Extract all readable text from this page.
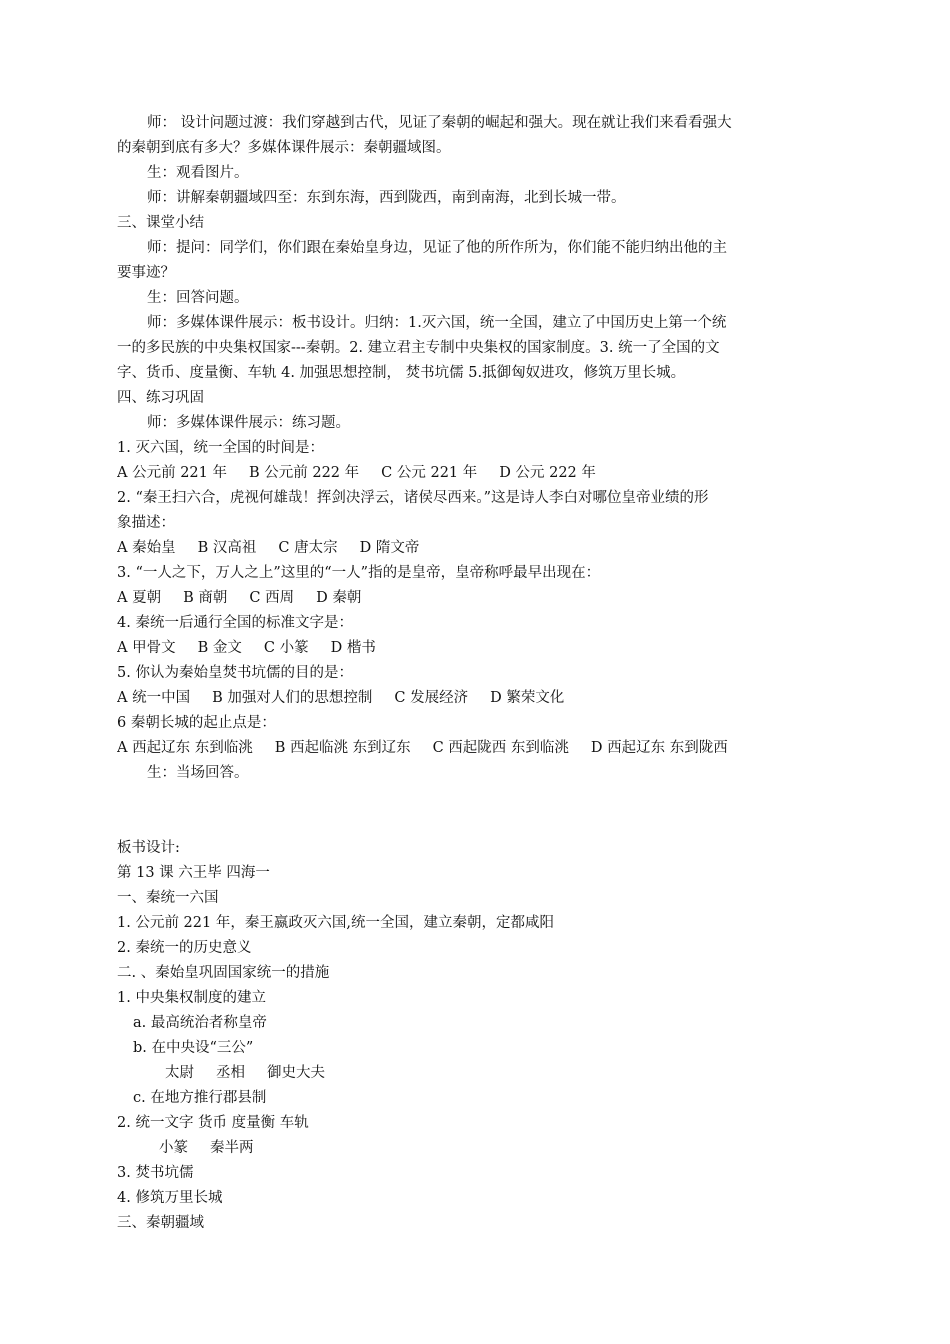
师： 设计问题过渡：我们穿越到古代，见证了秦朝的崛起和强大。现在就让我们来看看强大
的秦朝到底有多大？多媒体课件展示：秦朝疆域图。
生：观看图片。
师：讲解秦朝疆域四至：东到东海，西到陇西，南到南海，北到长城一带。
三、课堂小结
师：提问：同学们，你们跟在秦始皇身边，见证了他的所作所为，你们能不能归纳出他的主
要事迹？
生：回答问题。
师：多媒体课件展示：板书设计。归纳：1.灭六国，统一全国，建立了中国历史上第一个统
一的多民族的中央集权国家---秦朝。2. 建立君主专制中央集权的国家制度。3. 统一了全国的文
字、货币、度量衡、车轨 4. 加强思想控制， 焚书坑儒 5.抵御匈奴进攻，修筑万里长城。
四、练习巩固
师：多媒体课件展示：练习题。
1. 灭六国，统一全国的时间是：
A 公元前 221 年 B 公元前 222 年 C 公元 221 年 D 公元 222 年
2. “秦王扫六合，虎视何雄哉！挥剑决浮云，诸侯尽西来。”这是诗人李白对哪位皇帝业绩的形
象描述：
A 秦始皇 B 汉高祖 C 唐太宗 D 隋文帝
3. “一人之下，万人之上”这里的“一人”指的是皇帝，皇帝称呼最早出现在：
A 夏朝 B 商朝 C 西周 D 秦朝
4. 秦统一后通行全国的标准文字是：
A 甲骨文 B 金文 C 小篆 D 楷书
5. 你认为秦始皇焚书坑儒的目的是：
A 统一中国 B 加强对人们的思想控制 C 发展经济 D 繁荣文化
6 秦朝长城的起止点是：
A 西起辽东 东到临洮 B 西起临洮 东到辽东 C 西起陇西 东到临洮 D 西起辽东 东到陇西
生：当场回答。
板书设计:
第 13 课 六王毕 四海一
一、秦统一六国
1. 公元前 221 年，秦王嬴政灭六国,统一全国，建立秦朝，定都咸阳
2. 秦统一的历史意义
二. 、秦始皇巩固国家统一的措施
1. 中央集权制度的建立
a. 最高统治者称皇帝
b. 在中央设“三公”
太尉 丞相 御史大夫
c. 在地方推行郡县制
2. 统一文字 货币 度量衡 车轨
小篆 秦半两
3. 焚书坑儒
4. 修筑万里长城
三、秦朝疆域
